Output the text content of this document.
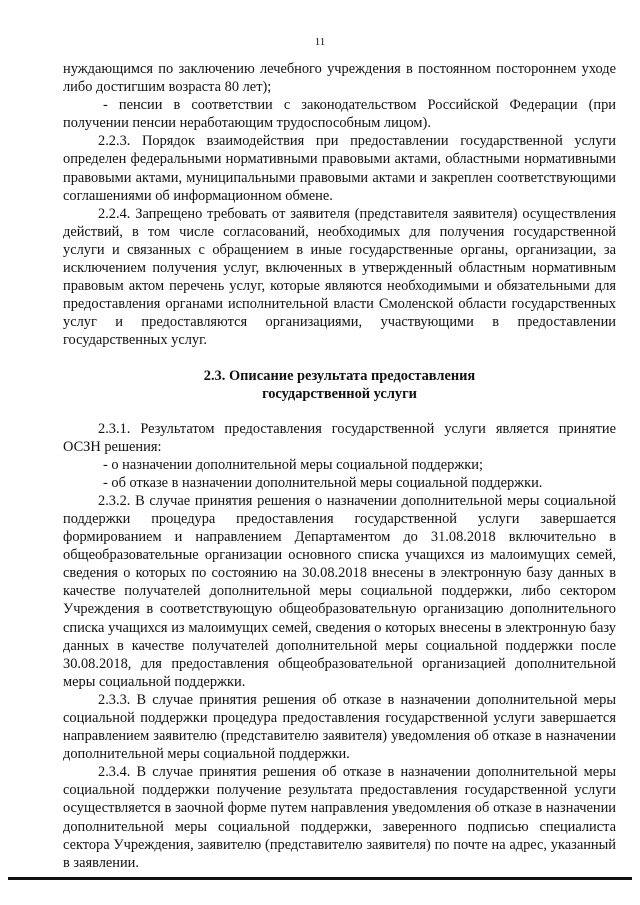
11

нуждающимся по заключению лечебного учреждения в постоянном постороннем уходе либо достигшим возраста 80 лет);

- пенсии в соответствии с законодательством Российской Федерации (при получении пенсии неработающим трудоспособным лицом).

2.2.3. Порядок взаимодействия при предоставлении государственной услуги определен федеральными нормативными правовыми актами, областными нормативными правовыми актами, муниципальными правовыми актами и закреплен соответствующими соглашениями об информационном обмене.

2.2.4. Запрещено требовать от заявителя (представителя заявителя) осуществления действий, в том числе согласований, необходимых для получения государственной услуги и связанных с обращением в иные государственные органы, организации, за исключением получения услуг, включенных в утвержденный областным нормативным правовым актом перечень услуг, которые являются необходимыми и обязательными для предоставления органами исполнительной власти Смоленской области государственных услуг и предоставляются организациями, участвующими в предоставлении государственных услуг.

2.3. Описание результата предоставления
государственной услуги

2.3.1. Результатом предоставления государственной услуги является принятие ОСЗН решения:

- о назначении дополнительной меры социальной поддержки;

- об отказе в назначении дополнительной меры социальной поддержки.

2.3.2. В случае принятия решения о назначении дополнительной меры социальной поддержки процедура предоставления государственной услуги завершается формированием и направлением Департаментом до 31.08.2018 включительно в общеобразовательные организации основного списка учащихся из малоимущих семей, сведения о которых по состоянию на 30.08.2018 внесены в электронную базу данных в качестве получателей дополнительной меры социальной поддержки, либо сектором Учреждения в соответствующую общеобразовательную организацию дополнительного списка учащихся из малоимущих семей, сведения о которых внесены в электронную базу данных в качестве получателей дополнительной меры социальной поддержки после 30.08.2018, для предоставления общеобразовательной организацией дополнительной меры социальной поддержки.

2.3.3. В случае принятия решения об отказе в назначении дополнительной меры социальной поддержки процедура предоставления государственной услуги завершается направлением заявителю (представителю заявителя) уведомления об отказе в назначении дополнительной меры социальной поддержки.

2.3.4. В случае принятия решения об отказе в назначении дополнительной меры социальной поддержки получение результата предоставления государственной услуги осуществляется в заочной форме путем направления уведомления об отказе в назначении дополнительной меры социальной поддержки, заверенного подписью специалиста сектора Учреждения, заявителю (представителю заявителя) по почте на адрес, указанный в заявлении.
